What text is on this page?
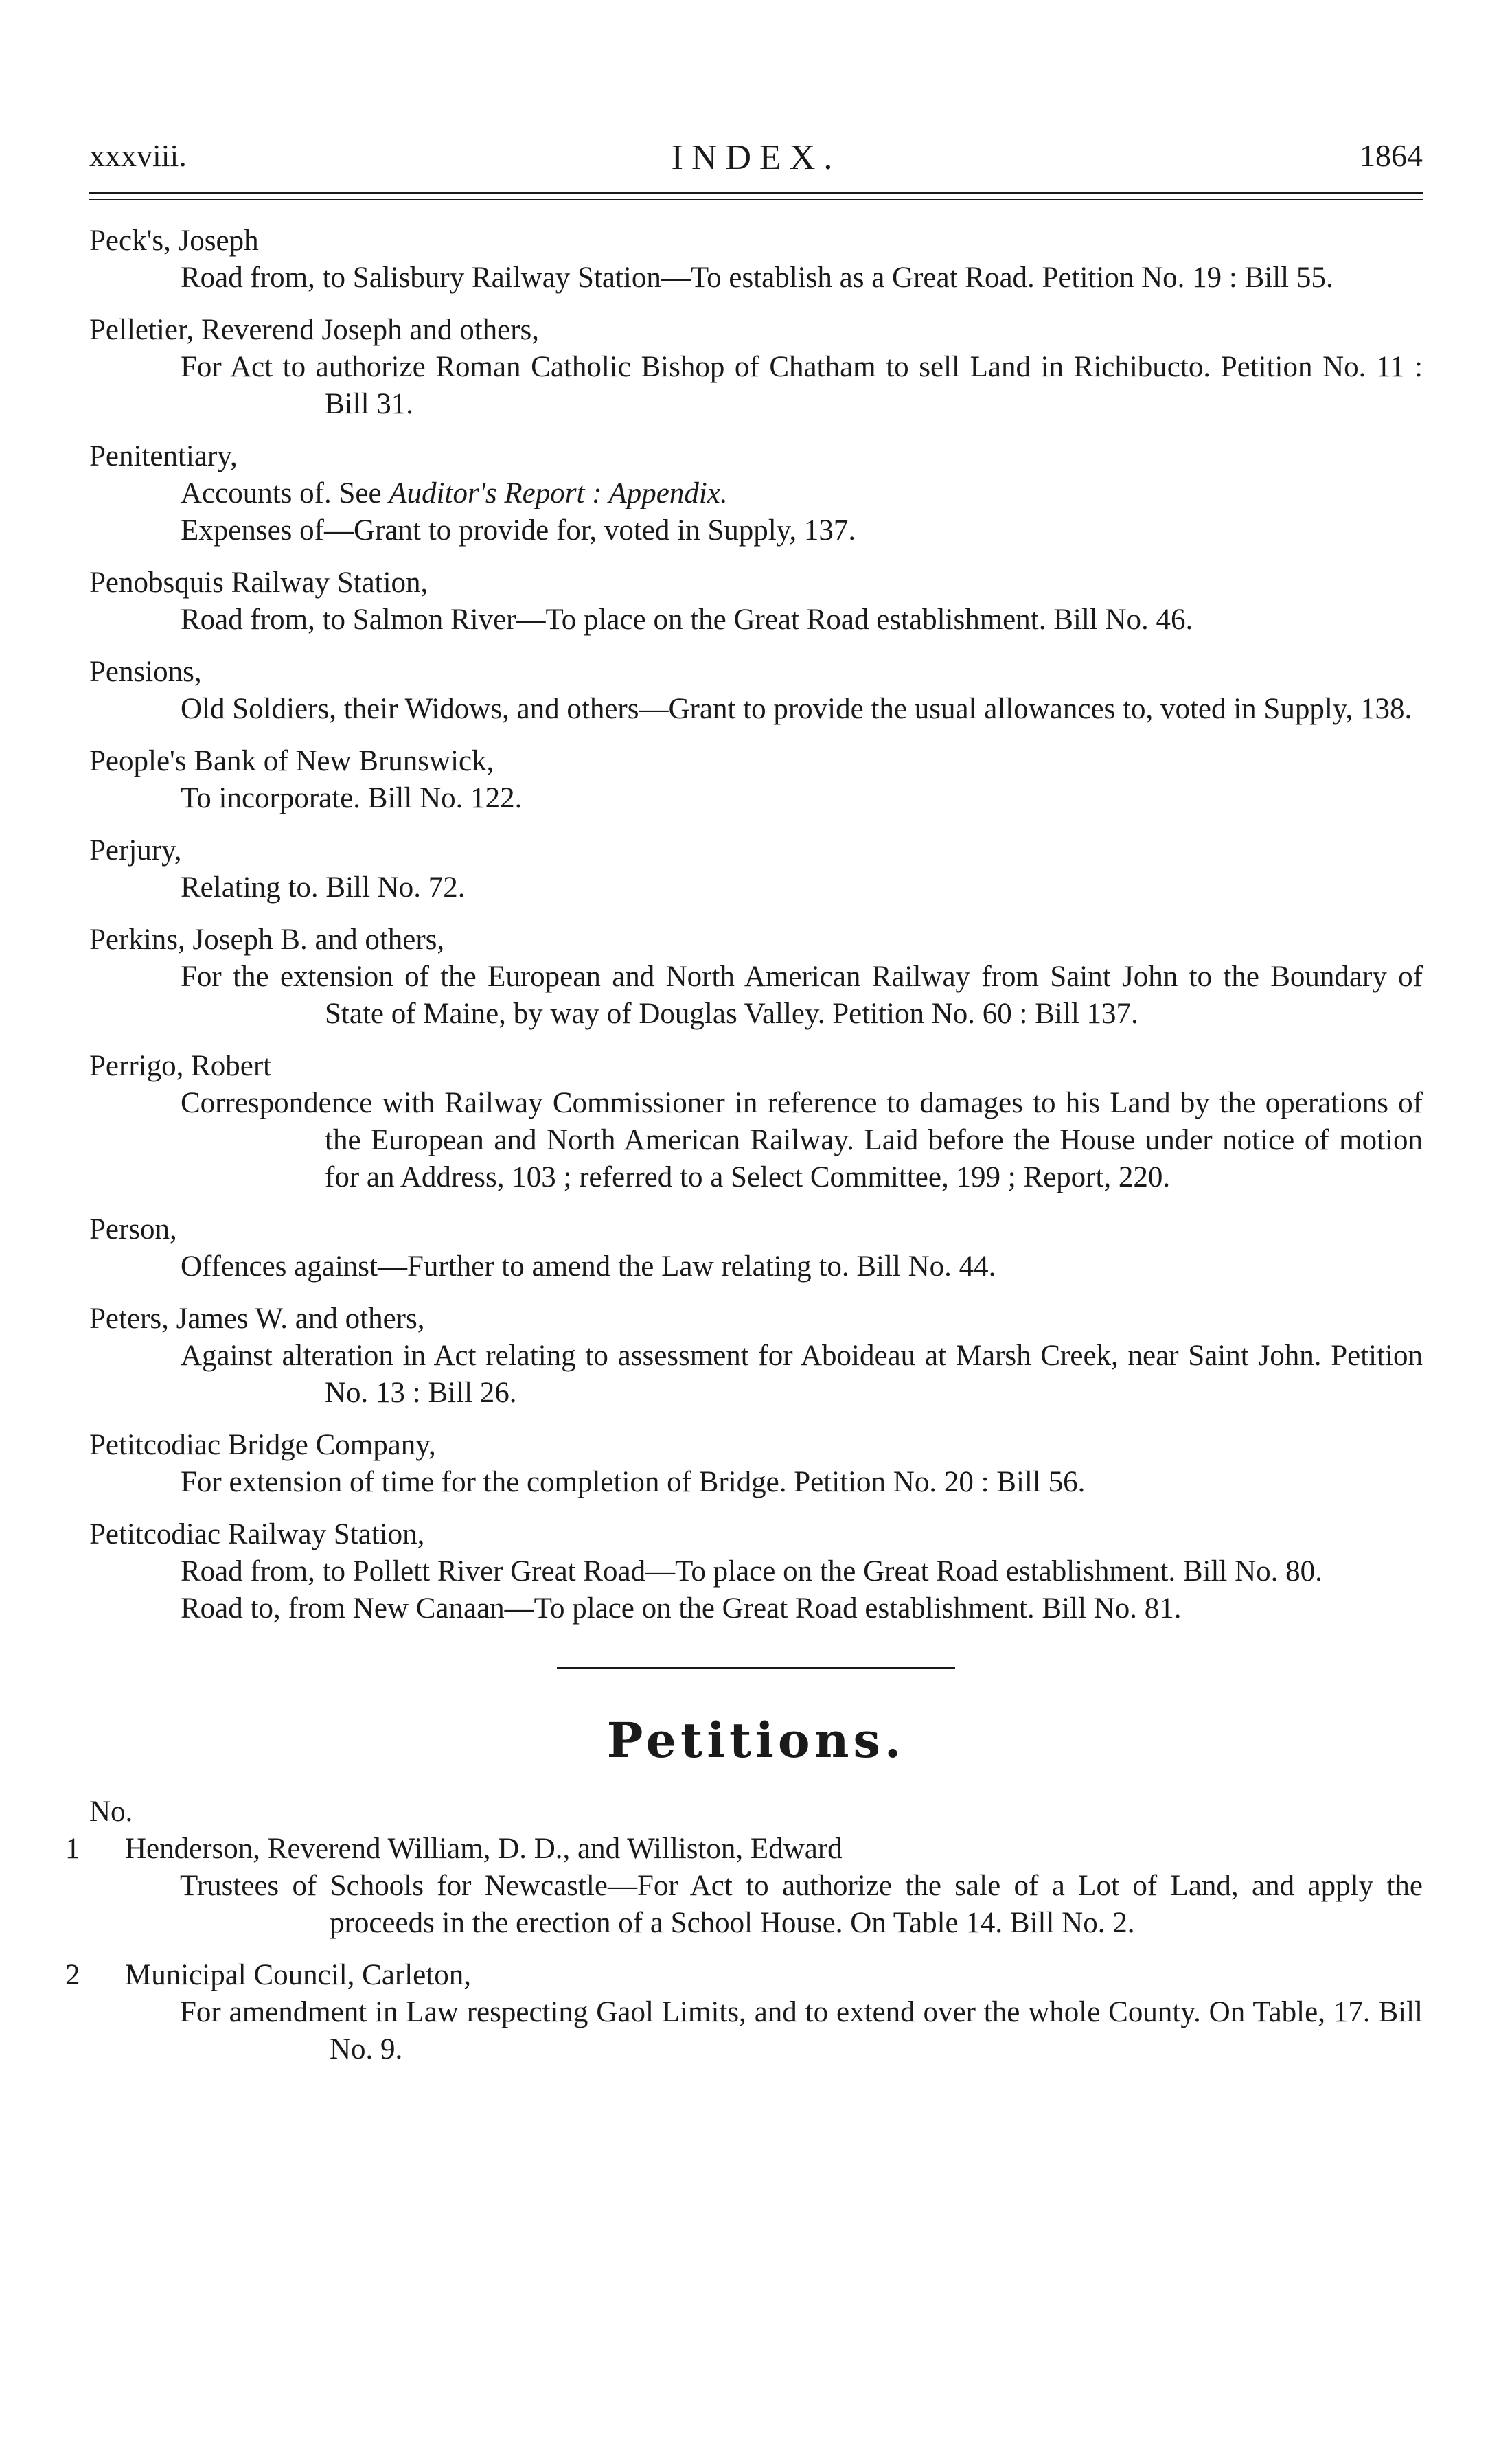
xxxviii.	INDEX.	1864
Peck's, Joseph
Road from, to Salisbury Railway Station—To establish as a Great Road. Petition No. 19 : Bill 55.
Pelletier, Reverend Joseph and others,
For Act to authorize Roman Catholic Bishop of Chatham to sell Land in Richibucto. Petition No. 11 : Bill 31.
Penitentiary,
Accounts of. See Auditor's Report : Appendix.
Expenses of—Grant to provide for, voted in Supply, 137.
Penobsquis Railway Station,
Road from, to Salmon River—To place on the Great Road establishment. Bill No. 46.
Pensions,
Old Soldiers, their Widows, and others—Grant to provide the usual allowances to, voted in Supply, 138.
People's Bank of New Brunswick,
To incorporate. Bill No. 122.
Perjury,
Relating to. Bill No. 72.
Perkins, Joseph B. and others,
For the extension of the European and North American Railway from Saint John to the Boundary of State of Maine, by way of Douglas Valley. Petition No. 60 : Bill 137.
Perrigo, Robert
Correspondence with Railway Commissioner in reference to damages to his Land by the operations of the European and North American Railway. Laid before the House under notice of motion for an Address, 103 ; referred to a Select Committee, 199 ; Report, 220.
Person,
Offences against—Further to amend the Law relating to. Bill No. 44.
Peters, James W. and others,
Against alteration in Act relating to assessment for Aboideau at Marsh Creek, near Saint John. Petition No. 13 : Bill 26.
Petitcodiac Bridge Company,
For extension of time for the completion of Bridge. Petition No. 20 : Bill 56.
Petitcodiac Railway Station,
Road from, to Pollett River Great Road—To place on the Great Road establishment. Bill No. 80.
Road to, from New Canaan—To place on the Great Road establishment. Bill No. 81.
Petitions.
No.
1 Henderson, Reverend William, D. D., and Williston, Edward
Trustees of Schools for Newcastle—For Act to authorize the sale of a Lot of Land, and apply the proceeds in the erection of a School House. On Table 14. Bill No. 2.
2 Municipal Council, Carleton,
For amendment in Law respecting Gaol Limits, and to extend over the whole County. On Table, 17. Bill No. 9.
